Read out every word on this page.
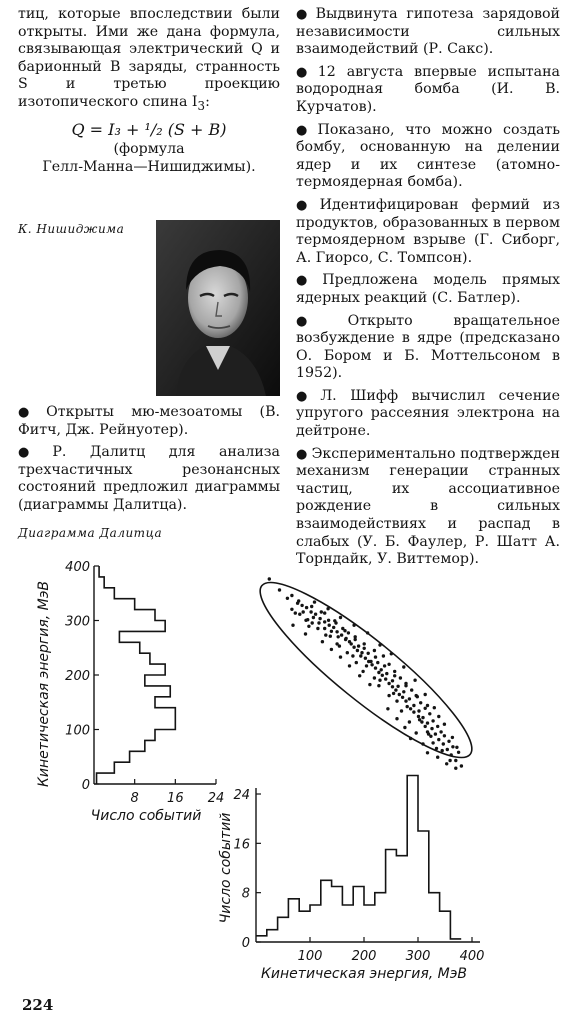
тиц, которые впоследствии были открыты. Ими же дана формула, связывающая электрический Q и барионный B заряды, странность S и третью проекцию изотопического спина $I_3$:

Q = I₃ + ¹/₂ (S + B)

(формула

Гелл-Манна—Нишиджимы).

К. Нишиджима

● Открыты мю-мезоатомы (В. Фитч, Дж. Рейнуотер).

● Р. Далитц для анализа трехчастичных резонансных состояний предложил диаграммы (диаграммы Далитца).

● Выдвинута гипотеза зарядовой независимости сильных взаимодействий (Р. Сакс).

● 12 августа впервые испытана водородная бомба (И. В. Курчатов).

● Показано, что можно создать бомбу, основанную на делении ядер и их синтезе (атомно-термоядерная бомба).

● Идентифицирован фермий из продуктов, образованных в первом термоядерном взрыве (Г. Сиборг, А. Гиорсо, С. Томпсон).

● Предложена модель прямых ядерных реакций (С. Батлер).

● Открыто вращательное возбуждение в ядре (предсказано О. Бором и Б. Моттельсоном в 1952).

● Л. Шифф вычислил сечение упругого рассеяния электрона на дейтроне.

● Экспериментально подтвержден механизм генерации странных частиц, их ассоциативное рождение в сильных взаимодействиях и распад в слабых (У. Б. Фаулер, Р. Шатт А. Торндайк, У. Виттемор).

Диаграмма Далитца
0
100
200
300
400
8 16 24
Кинетическая энергия, МэВ
Число событий
100 200 300 400
0
8
16
24
Число событий
Кинетическая энергия, МэВ
224
